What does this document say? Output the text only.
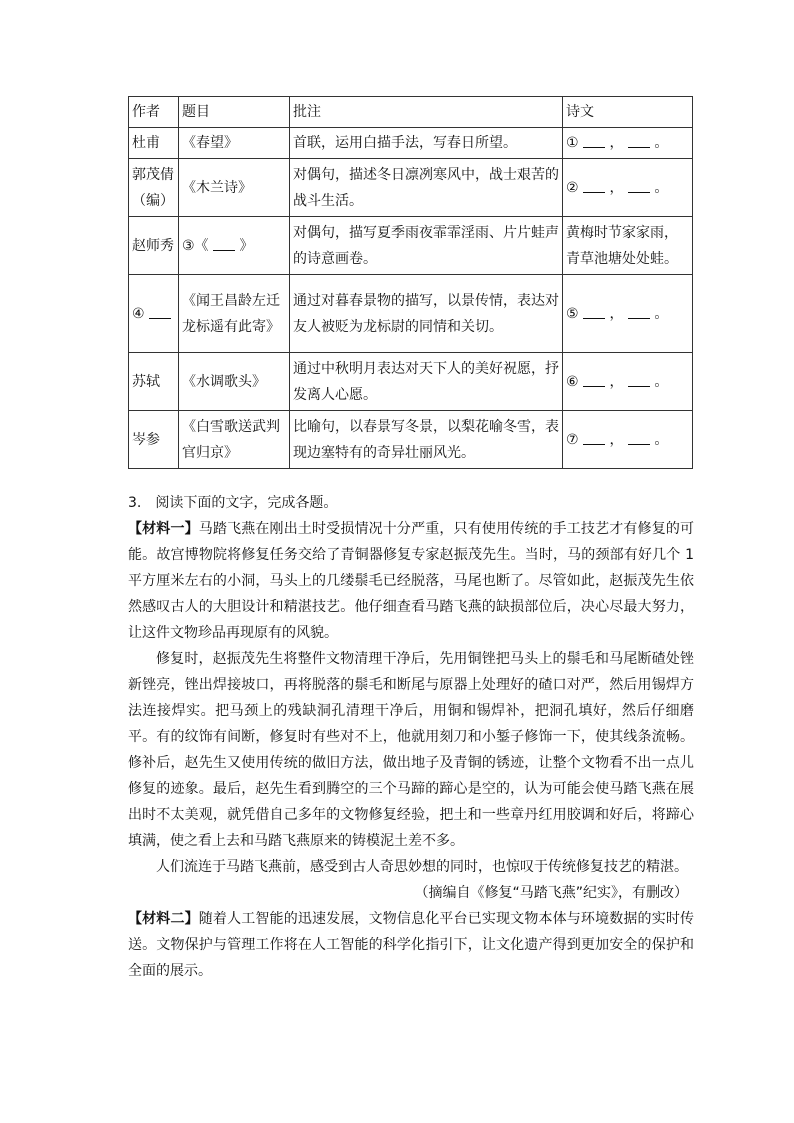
作者	题目	批注	诗文
杜甫	《春望》	首联，运用白描手法，写春日所望。	① ， 。
郭茂倩（编）	《木兰诗》	对偶句，描述冬日凛冽寒风中，战士艰苦的战斗生活。	② ， 。
赵师秀	③《 》	对偶句，描写夏季雨夜霏霏淫雨、片片蛙声的诗意画卷。	黄梅时节家家雨，青草池塘处处蛙。
④	《闻王昌龄左迁龙标遥有此寄》	通过对暮春景物的描写，以景传情，表达对友人被贬为龙标尉的同情和关切。	⑤ ， 。
苏轼	《水调歌头》	通过中秋明月表达对天下人的美好祝愿，抒发离人心愿。	⑥ ， 。
岑参	《白雪歌送武判官归京》	比喻句，以春景写冬景，以梨花喻冬雪，表现边塞特有的奇异壮丽风光。	⑦ ， 。

3.　阅读下面的文字，完成各题。

【材料一】马踏飞燕在刚出土时受损情况十分严重，只有使用传统的手工技艺才有修复的可能。故宫博物院将修复任务交给了青铜器修复专家赵振茂先生。当时，马的颈部有好几个 1 平方厘米左右的小洞，马头上的几缕鬃毛已经脱落，马尾也断了。尽管如此，赵振茂先生依然感叹古人的大胆设计和精湛技艺。他仔细查看马踏飞燕的缺损部位后，决心尽最大努力，让这件文物珍品再现原有的风貌。

修复时，赵振茂先生将整件文物清理干净后，先用铜锉把马头上的鬃毛和马尾断碴处锉新锉亮，锉出焊接坡口，再将脱落的鬃毛和断尾与原器上处理好的碴口对严，然后用锡焊方法连接焊实。把马颈上的残缺洞孔清理干净后，用铜和锡焊补，把洞孔填好，然后仔细磨平。有的纹饰有间断，修复时有些对不上，他就用刻刀和小錾子修饰一下，使其线条流畅。修补后，赵先生又使用传统的做旧方法，做出地子及青铜的锈迹，让整个文物看不出一点儿修复的迹象。最后，赵先生看到腾空的三个马蹄的蹄心是空的，认为可能会使马踏飞燕在展出时不太美观，就凭借自己多年的文物修复经验，把土和一些章丹红用胶调和好后，将蹄心填满，使之看上去和马踏飞燕原来的铸模泥土差不多。

人们流连于马踏飞燕前，感受到古人奇思妙想的同时，也惊叹于传统修复技艺的精湛。

（摘编自《修复“马踏飞燕”纪实》，有删改）

【材料二】随着人工智能的迅速发展，文物信息化平台已实现文物本体与环境数据的实时传送。文物保护与管理工作将在人工智能的科学化指引下，让文化遗产得到更加安全的保护和全面的展示。
